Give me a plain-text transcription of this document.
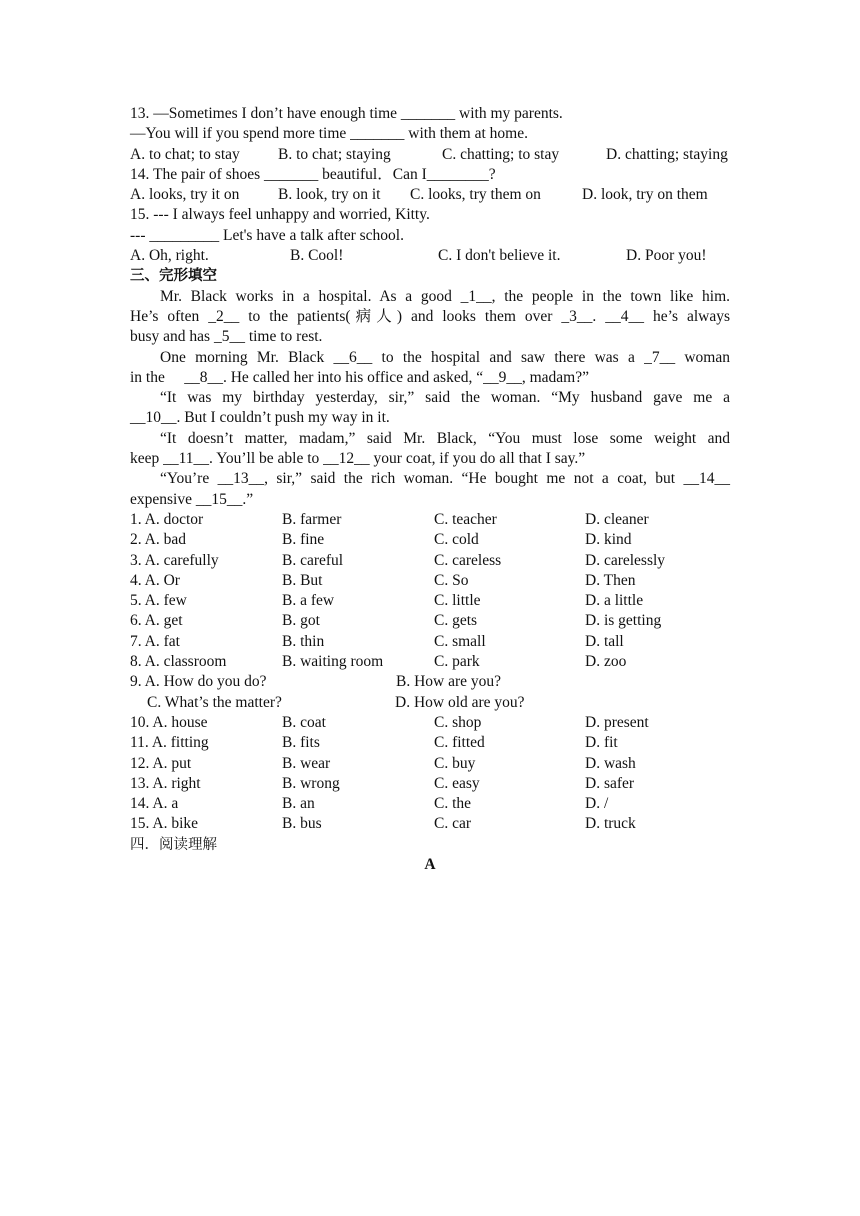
13. —Sometimes I don’t have enough time _______ with my parents.
—You will if you spend more time _______ with them at home.
A. to chat; to stay B. to chat; staying	C. chatting; to stay	D. chatting; staying
14. The pair of shoes _______ beautiful．Can I________?
A. looks, try it on B. look, try on it C. looks, try them on	D. look, try on them
15. --- I always feel unhappy and worried, Kitty.
--- _________ Let's have a talk after school.
A. Oh, right.	B. Cool!	C. I don't believe it.	D. Poor you!
三、完形填空
Mr. Black works in a hospital. As a good _1__, the people in the town like him.
He’s often _2__ to the patients(病人) and looks them over _3__. __4__ he’s always
busy and has _5__ time to rest.
One morning Mr. Black __6__ to the hospital and saw there was a _7__ woman
in the     __8__. He called her into his office and asked, “__9__, madam?”
“It was my birthday yesterday, sir,” said the woman. “My husband gave me a
__10__. But I couldn’t push my way in it.
“It doesn’t matter, madam,” said Mr. Black, “You must lose some weight and
keep __11__. You’ll be able to __12__ your coat, if you do all that I say.”
“You’re __13__, sir,” said the rich woman. “He bought me not a coat, but __14__
expensive __15__.”
1. A. doctor	B. farmer	C. teacher	D. cleaner
2. A. bad	B. fine	C. cold	D. kind
3. A. carefully	B. careful	C. careless	D. carelessly
4. A. Or	B. But	C. So	D. Then
5. A. few	B. a few	C. little	D. a little
6. A. get	B. got	C. gets	D. is getting
7. A. fat	B. thin	C. small	D. tall
8. A. classroom	B. waiting room	C. park	D. zoo
9. A. How do you do?	B. How are you?
C. What’s the matter?	D. How old are you?
10. A. house	B. coat	C. shop	D. present
11. A. fitting	B. fits	C. fitted	D. fit
12. A. put	B. wear	C. buy	D. wash
13. A. right	B. wrong	C. easy	D. safer
14. A. a	B. an	C. the	D. /
15. A. bike	B. bus	C. car	D. truck
四．阅读理解
A
